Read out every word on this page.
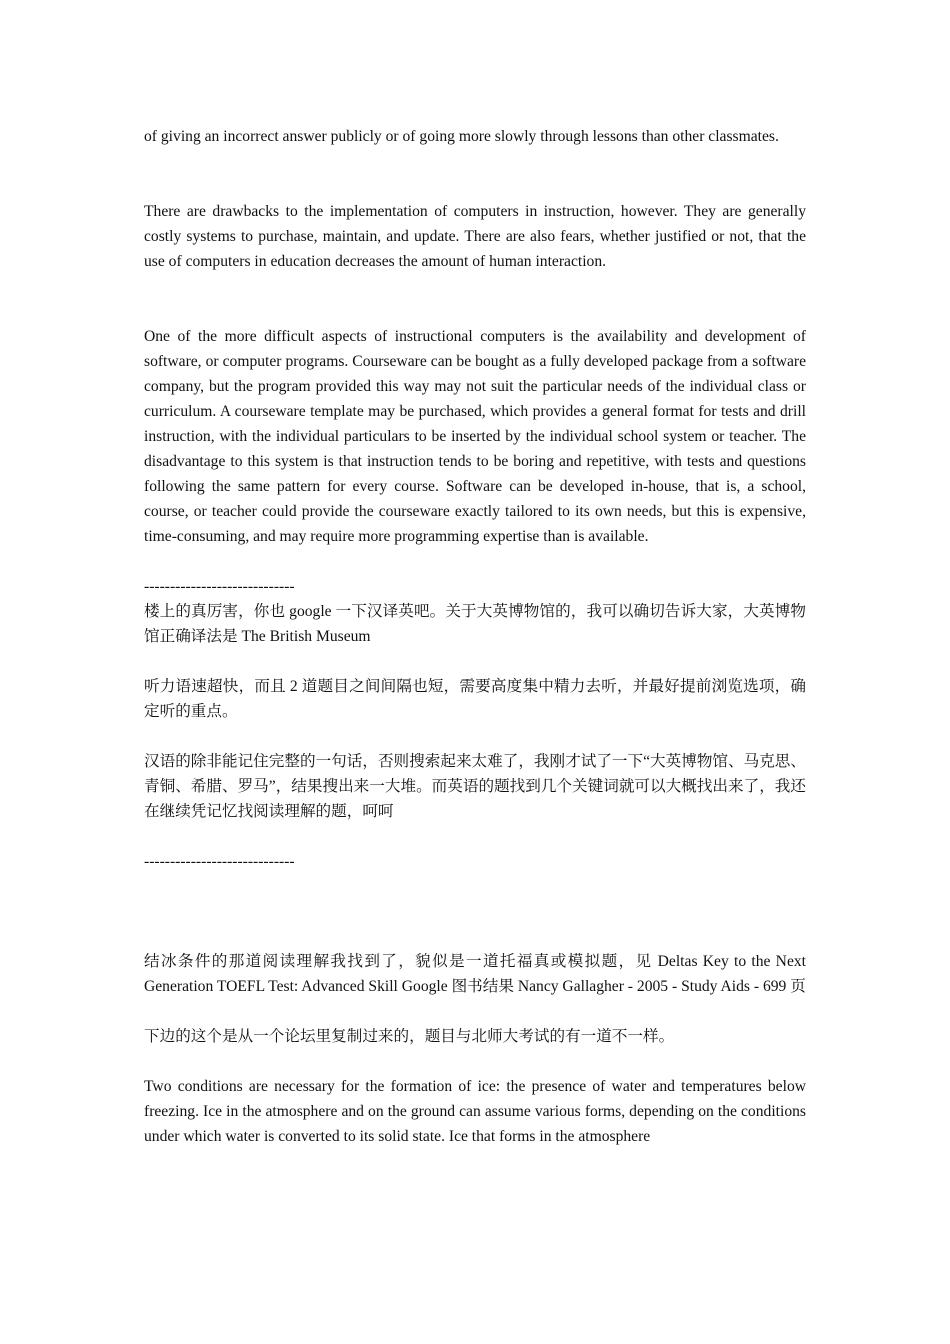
of giving an incorrect answer publicly or of going more slowly through lessons than other classmates.

There are drawbacks to the implementation of computers in instruction, however. They are generally costly systems to purchase, maintain, and update. There are also fears, whether justified or not, that the use of computers in education decreases the amount of human interaction.

One of the more difficult aspects of instructional computers is the availability and development of software, or computer programs. Courseware can be bought as a fully developed package from a software company, but the program provided this way may not suit the particular needs of the individual class or curriculum. A courseware template may be purchased, which provides a general format for tests and drill instruction, with the individual particulars to be inserted by the individual school system or teacher. The disadvantage to this system is that instruction tends to be boring and repetitive, with tests and questions following the same pattern for every course. Software can be developed in-house, that is, a school, course, or teacher could provide the courseware exactly tailored to its own needs, but this is expensive, time-consuming, and may require more programming expertise than is available.

-----------------------------

楼上的真厉害，你也 google 一下汉译英吧。关于大英博物馆的，我可以确切告诉大家，大英博物馆正确译法是 The British Museum

听力语速超快，而且 2 道题目之间间隔也短，需要高度集中精力去听，并最好提前浏览选项，确定听的重点。

汉语的除非能记住完整的一句话，否则搜索起来太难了，我刚才试了一下“大英博物馆、马克思、青铜、希腊、罗马”，结果搜出来一大堆。而英语的题找到几个关键词就可以大概找出来了，我还在继续凭记忆找阅读理解的题，呵呵

-----------------------------

结冰条件的那道阅读理解我找到了，貌似是一道托福真或模拟题，见 Deltas Key to the Next Generation TOEFL Test: Advanced Skill Google 图书结果 Nancy Gallagher - 2005 - Study Aids - 699 页

下边的这个是从一个论坛里复制过来的，题目与北师大考试的有一道不一样。

Two conditions are necessary for the formation of ice: the presence of water and temperatures below freezing. Ice in the atmosphere and on the ground can assume various forms, depending on the conditions under which water is converted to its solid state. Ice that forms in the atmosphere
